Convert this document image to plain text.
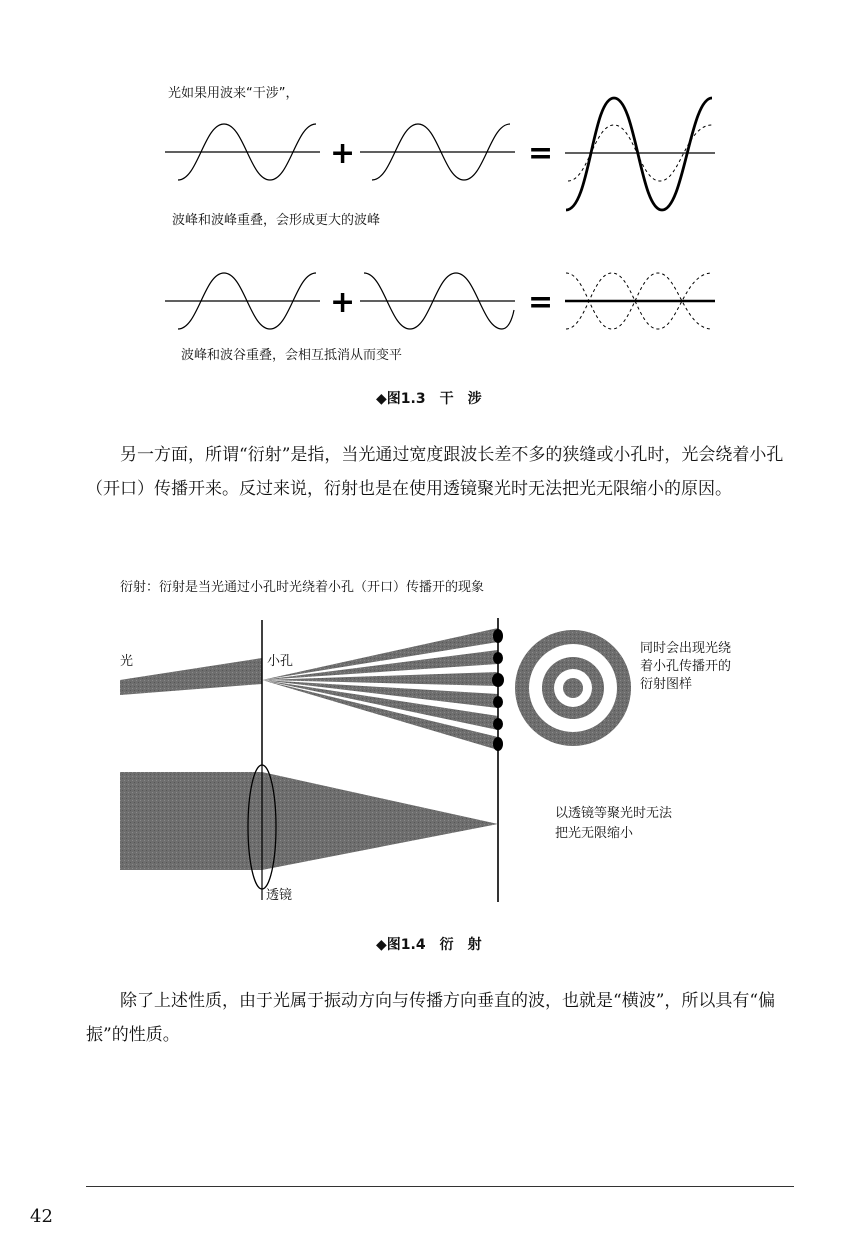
光如果用波来“干涉”，
+	=
+	=
波峰和波峰重叠，会形成更大的波峰
波峰和波谷重叠，会相互抵消从而变平
◆图1.3 干 涉

另一方面，所谓“衍射”是指，当光通过宽度跟波长差不多的狭缝或小孔时，光会绕着小孔（开口）传播开来。反过来说，衍射也是在使用透镜聚光时无法把光无限缩小的原因。

衍射：衍射是当光通过小孔时光绕着小孔（开口）传播开的现象
光	小孔
同时会出现光绕
着小孔传播开的
衍射图样
以透镜等聚光时无法
把光无限缩小
透镜
◆图1.4 衍 射

除了上述性质，由于光属于振动方向与传播方向垂直的波，也就是“横波”，所以具有“偏振”的性质。

42
